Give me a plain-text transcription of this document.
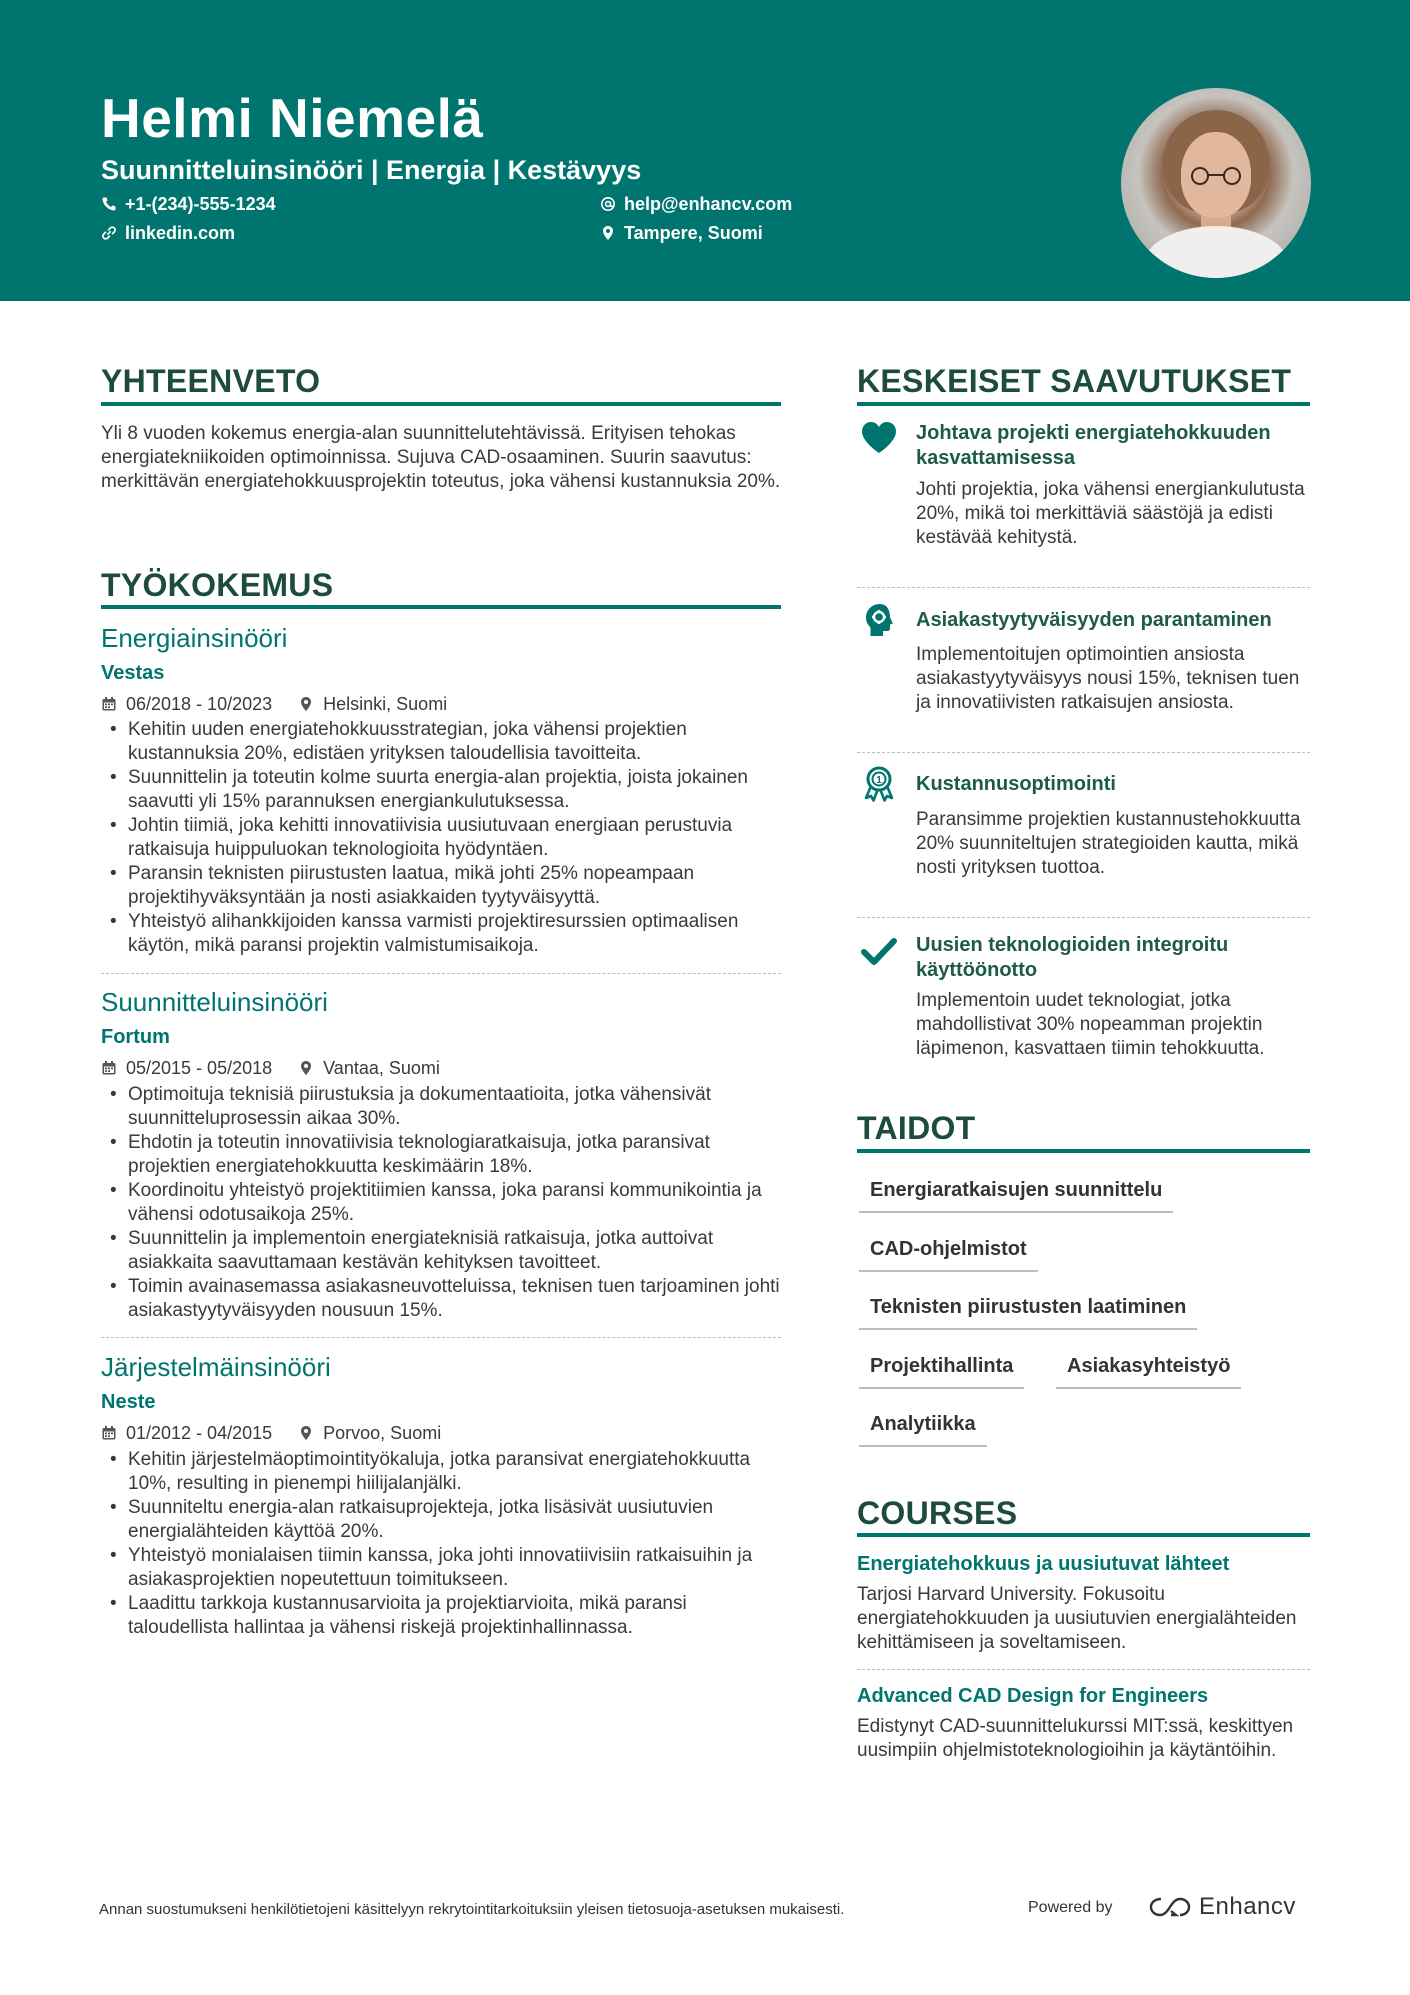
Helmi Niemelä
Suunnitteluinsinööri | Energia | Kestävyys
+1-(234)-555-1234	help@enhancv.com
linkedin.com	Tampere, Suomi
YHTEENVETO
Yli 8 vuoden kokemus energia-alan suunnittelutehtävissä. Erityisen tehokas energiatekniikoiden optimoinnissa. Sujuva CAD-osaaminen. Suurin saavutus: merkittävän energiatehokkuusprojektin toteutus, joka vähensi kustannuksia 20%.
TYÖKOKEMUS
Energiainsinööri
Vestas
06/2018 - 10/2023	Helsinki, Suomi
• Kehitin uuden energiatehokkuusstrategian, joka vähensi projektien kustannuksia 20%, edistäen yrityksen taloudellisia tavoitteita.
• Suunnittelin ja toteutin kolme suurta energia-alan projektia, joista jokainen saavutti yli 15% parannuksen energiankulutuksessa.
• Johtin tiimiä, joka kehitti innovatiivisia uusiutuvaan energiaan perustuvia ratkaisuja huippuluokan teknologioita hyödyntäen.
• Paransin teknisten piirustusten laatua, mikä johti 25% nopeampaan projektihyväksyntään ja nosti asiakkaiden tyytyväisyyttä.
• Yhteistyö alihankkijoiden kanssa varmisti projektiresurssien optimaalisen käytön, mikä paransi projektin valmistumisaikoja.
Suunnitteluinsinööri
Fortum
05/2015 - 05/2018	Vantaa, Suomi
• Optimoituja teknisiä piirustuksia ja dokumentaatioita, jotka vähensivät suunnitteluprosessin aikaa 30%.
• Ehdotin ja toteutin innovatiivisia teknologiaratkaisuja, jotka paransivat projektien energiatehokkuutta keskimäärin 18%.
• Koordinoitu yhteistyö projektitiimien kanssa, joka paransi kommunikointia ja vähensi odotusaikoja 25%.
• Suunnittelin ja implementoin energiateknisiä ratkaisuja, jotka auttoivat asiakkaita saavuttamaan kestävän kehityksen tavoitteet.
• Toimin avainasemassa asiakasneuvotteluissa, teknisen tuen tarjoaminen johti asiakastyytyväisyyden nousuun 15%.
Järjestelmäinsinööri
Neste
01/2012 - 04/2015	Porvoo, Suomi
• Kehitin järjestelmäoptimointityökaluja, jotka paransivat energiatehokkuutta 10%, resulting in pienempi hiilijalanjälki.
• Suunniteltu energia-alan ratkaisuprojekteja, jotka lisäsivät uusiutuvien energialähteiden käyttöä 20%.
• Yhteistyö monialaisen tiimin kanssa, joka johti innovatiivisiin ratkaisuihin ja asiakasprojektien nopeutettuun toimitukseen.
• Laadittu tarkkoja kustannusarvioita ja projektiarvioita, mikä paransi taloudellista hallintaa ja vähensi riskejä projektinhallinnassa.
KESKEISET SAAVUTUKSET
Johtava projekti energiatehokkuuden kasvattamisessa
Johti projektia, joka vähensi energiankulutusta 20%, mikä toi merkittäviä säästöjä ja edisti kestävää kehitystä.
Asiakastyytyväisyyden parantaminen
Implementoitujen optimointien ansiosta asiakastyytyväisyys nousi 15%, teknisen tuen ja innovatiivisten ratkaisujen ansiosta.
1 Kustannusoptimointi
Paransimme projektien kustannustehokkuutta 20% suunniteltujen strategioiden kautta, mikä nosti yrityksen tuottoa.
Uusien teknologioiden integroitu käyttöönotto
Implementoin uudet teknologiat, jotka mahdollistivat 30% nopeamman projektin läpimenon, kasvattaen tiimin tehokkuutta.
TAIDOT
Energiaratkaisujen suunnittelu
CAD-ohjelmistot
Teknisten piirustusten laatiminen
Projektihallinta	Asiakasyhteistyö
Analytiikka
COURSES
Energiatehokkuus ja uusiutuvat lähteet
Tarjosi Harvard University. Fokusoitu energiatehokkuuden ja uusiutuvien energialähteiden kehittämiseen ja soveltamiseen.
Advanced CAD Design for Engineers
Edistynyt CAD-suunnittelukurssi MIT:ssä, keskittyen uusimpiin ohjelmistoteknologioihin ja käytäntöihin.
Annan suostumukseni henkilötietojeni käsittelyyn rekrytointitarkoituksiin yleisen tietosuoja-asetuksen mukaisesti.	Powered by	Enhancv
